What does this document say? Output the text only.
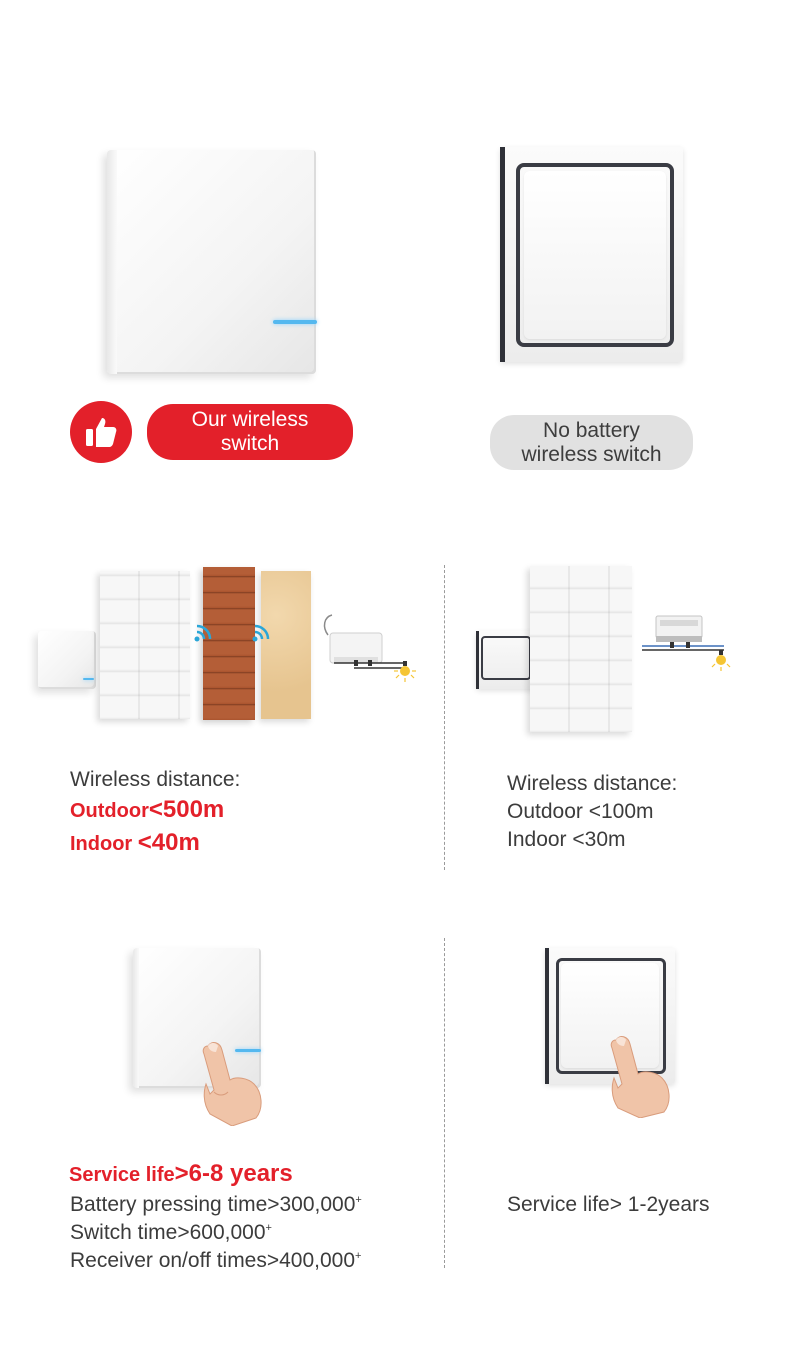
Our wireless
switch
No battery
wireless switch
Wireless distance:
Outdoor<500m
Indoor <40m
Wireless distance:
Outdoor <100m
Indoor <30m
Service life>6-8 years
Battery pressing time>300,000+
Switch time>600,000+
Receiver on/off times>400,000+
Service life> 1-2years
